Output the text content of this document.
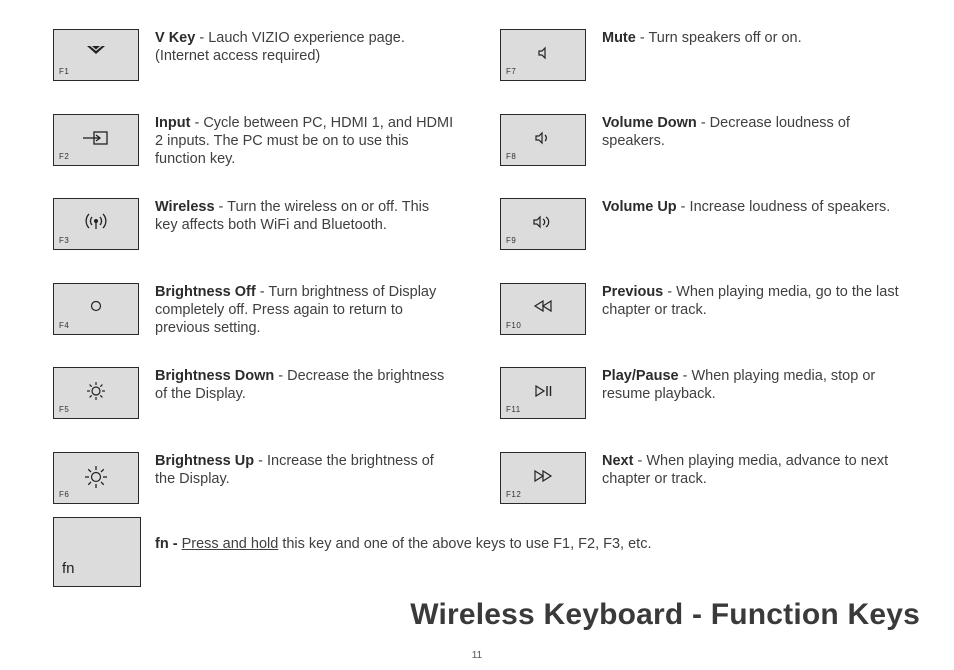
F1
V Key - Lauch VIZIO experience page. (Internet access required)
F2
Input - Cycle between PC, HDMI 1, and HDMI 2 inputs. The PC must be on to use this function key.
F3
Wireless - Turn the wireless on or off. This key affects both WiFi and Bluetooth.
F4
Brightness Off - Turn brightness of Display completely off. Press again to return to previous setting.
F5
Brightness Down - Decrease the brightness of the Display.
F6
Brightness Up - Increase the brightness of the Display.
F7
Mute - Turn speakers off or on.
F8
Volume Down - Decrease loudness of speakers.
F9
Volume Up - Increase loudness of speakers.
F10
Previous - When playing media, go to the last chapter or track.
F11
Play/Pause - When playing media, stop or resume playback.
F12
Next - When playing media, advance to next chapter or track.
fn
fn - Press and hold this key and one of the above keys to use F1, F2, F3, etc.
Wireless Keyboard - Function Keys
11
